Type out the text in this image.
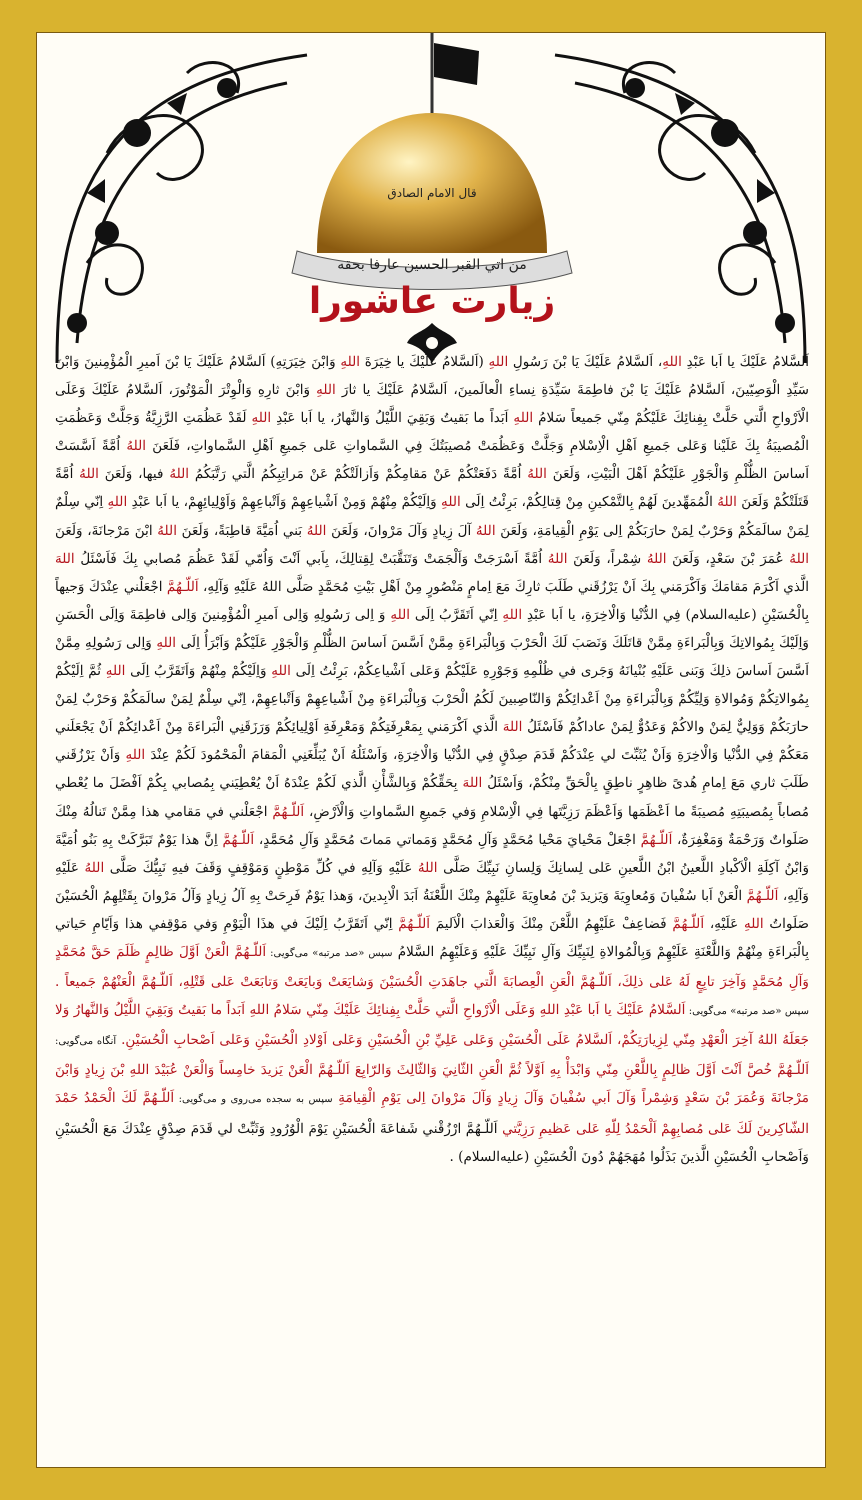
قال الامام الصادق
من اتي القبر الحسين عارفا بحقه
زيارت عاشورا
اَلسَّلامُ عَلَيْكَ يا اَبا عَبْدِ اللهِ، اَلسَّلامُ عَلَيْكَ يَا بْنَ رَسُولِ اللهِ (اَلسَّلامُ عَلَيْكَ يا خِيَرَةَ اللهِ وَابْنَ خِيَرَتِهِ) اَلسَّلامُ عَلَيْكَ يَا بْنَ اَميرِ الْمُؤْمِنينَ وَابْنَ سَيِّدِ الْوَصِيّينَ، اَلسَّلامُ عَلَيْكَ يَا بْنَ فاطِمَةَ سَيِّدَةِ نِساءِ الْعالَمينَ، اَلسَّلامُ عَلَيْكَ يا ثارَ اللهِ وَابْنَ ثارِهِ وَالْوِتْرَ الْمَوْتُورَ، اَلسَّلامُ عَلَيْكَ وَعَلَى الْاَرْواحِ الَّتي حَلَّتْ بِفِنائِكَ عَلَيْكُمْ مِنّي جَميعاً سَلامُ اللهِ اَبَداً ما بَقيتُ وَبَقِيَ اللَّيْلُ وَالنَّهارُ، يا اَبا عَبْدِ اللهِ لَقَدْ عَظُمَتِ الرَّزِيَّةُ وَجَلَّتْ وَعَظُمَتِ الْمُصيبَةُ بِكَ عَلَيْنا وَعَلى جَميعِ اَهْلِ الْاِسْلامِ وَجَلَّتْ وَعَظُمَتْ مُصيبَتُكَ فِي السَّماواتِ عَلى جَميعِ اَهْلِ السَّماواتِ، فَلَعَنَ اللهُ اُمَّةً اَسَّسَتْ اَساسَ الظُّلْمِ وَالْجَوْرِ عَلَيْكُمْ اَهْلَ الْبَيْتِ، وَلَعَنَ اللهُ اُمَّةً دَفَعَتْكُمْ عَنْ مَقامِكُمْ وَاَزالَتْكُمْ عَنْ مَراتِبِكُمُ الَّتي رَتَّبَكُمُ اللهُ فيها، وَلَعَنَ اللهُ اُمَّةً قَتَلَتْكُمْ وَلَعَنَ اللهُ الْمُمَهِّدينَ لَهُمْ بِالتَّمْكينِ مِنْ قِتالِكُمْ، بَرِئْتُ اِلَى اللهِ وَاِلَيْكُمْ مِنْهُمْ وَمِنْ اَشْياعِهِمْ وَاَتْباعِهِمْ وَاَوْلِيائِهِمْ، يا اَبا عَبْدِ اللهِ اِنّي سِلْمٌ لِمَنْ سالَمَكُمْ وَحَرْبٌ لِمَنْ حارَبَكُمْ اِلى يَوْمِ الْقِيامَةِ، وَلَعَنَ اللهُ آلَ زِيادٍ وَآلَ مَرْوانَ، وَلَعَنَ اللهُ بَني اُمَيَّةَ قاطِبَةً، وَلَعَنَ اللهُ ابْنَ مَرْجانَةَ، وَلَعَنَ اللهُ عُمَرَ بْنَ سَعْدٍ، وَلَعَنَ اللهُ شِمْراً، وَلَعَنَ اللهُ اُمَّةً اَسْرَجَتْ وَاَلْجَمَتْ وَتَنَقَّبَتْ لِقِتالِكَ، بِاَبي اَنْتَ وَاُمّي لَقَدْ عَظُمَ مُصابي بِكَ فَاَسْئَلُ اللهَ الَّذي اَكْرَمَ مَقامَكَ وَاَكْرَمَني بِكَ اَنْ يَرْزُقَني طَلَبَ ثارِكَ مَعَ اِمامٍ مَنْصُورٍ مِنْ اَهْلِ بَيْتِ مُحَمَّدٍ صَلَّى اللهُ عَلَيْهِ وَآلِهِ، اَللّـهُمَّ اجْعَلْني عِنْدَكَ وَجيهاً بِالْحُسَيْنِ (عليه‌السلام) فِي الدُّنْيا وَالْاخِرَةِ، يا اَبا عَبْدِ اللهِ اِنّي اَتَقَرَّبُ اِلَى اللهِ وَ اِلى رَسُولِهِ وَاِلى اَميرِ الْمُؤْمِنينَ وَاِلى فاطِمَةَ وَاِلَى الْحَسَنِ وَاِلَيْكَ بِمُوالاتِكَ وَبِالْبَراءَةِ مِمَّنْ قاتَلَكَ وَنَصَبَ لَكَ الْحَرْبَ وَبِالْبَراءَةِ مِمَّنْ اَسَّسَ اَساسَ الظُّلْمِ وَالْجَوْرِ عَلَيْكُمْ وَاَبْرَأُ اِلَى اللهِ وَاِلى رَسُولِهِ مِمَّنْ اَسَّسَ اَساسَ ذلِكَ وَبَنى عَلَيْهِ بُنْيانَهُ وَجَرى في ظُلْمِهِ وَجَوْرِهِ عَلَيْكُمْ وَعَلى اَشْياعِكُمْ، بَرِئْتُ اِلَى اللهِ وَاِلَيْكُمْ مِنْهُمْ وَاَتَقَرَّبُ اِلَى اللهِ ثُمَّ اِلَيْكُمْ بِمُوالاتِكُمْ وَمُوالاةِ وَلِيِّكُمْ وَبِالْبَراءَةِ مِنْ اَعْدائِكُمْ وَالنّاصِبينَ لَكُمُ الْحَرْبَ وَبِالْبَراءَةِ مِنْ اَشْياعِهِمْ وَاَتْباعِهِمْ، اِنّي سِلْمٌ لِمَنْ سالَمَكُمْ وَحَرْبٌ لِمَنْ حارَبَكُمْ وَوَلِيٌّ لِمَنْ والاكُمْ وَعَدُوٌّ لِمَنْ عاداكُمْ فَاَسْئَلُ اللهَ الَّذي اَكْرَمَني بِمَعْرِفَتِكُمْ وَمَعْرِفَةِ اَوْلِيائِكُمْ وَرَزَقَنِي الْبَراءَةَ مِنْ اَعْدائِكُمْ اَنْ يَجْعَلَني مَعَكُمْ فِي الدُّنْيا وَالْاخِرَةِ وَاَنْ يُثَبِّتَ لي عِنْدَكُمْ قَدَمَ صِدْقٍ فِي الدُّنْيا وَالْاخِرَةِ، وَاَسْئَلُهُ اَنْ يُبَلِّغَنِي الْمَقامَ الْمَحْمُودَ لَكُمْ عِنْدَ اللهِ وَاَنْ يَرْزُقَني طَلَبَ ثاري مَعَ اِمامِ هُدىً ظاهِرٍ ناطِقٍ بِالْحَقِّ مِنْكُمْ، وَاَسْئَلُ اللهَ بِحَقِّكُمْ وَبِالشَّأْنِ الَّذي لَكُمْ عِنْدَهُ اَنْ يُعْطِيَني بِمُصابي بِكُمْ اَفْضَلَ ما يُعْطي مُصاباً بِمُصيبَتِهِ مُصيبَةً ما اَعْظَمَها وَاَعْظَمَ رَزِيَّتَها فِي الْاِسْلامِ وَفي جَميعِ السَّماواتِ وَالْاَرْضِ، اَللّـهُمَّ اجْعَلْني في مَقامي هذا مِمَّنْ تَنالُهُ مِنْكَ صَلَواتٌ وَرَحْمَةٌ وَمَغْفِرَةٌ، اَللّـهُمَّ اجْعَلْ مَحْيايَ مَحْيا مُحَمَّدٍ وَآلِ مُحَمَّدٍ وَمَماتي مَماتَ مُحَمَّدٍ وَآلِ مُحَمَّدٍ، اَللّـهُمَّ اِنَّ هذا يَوْمٌ تَبَرَّكَتْ بِهِ بَنُو اُمَيَّةَ وَابْنُ آكِلَةِ الْاَكْبادِ اللَّعينُ ابْنُ اللَّعينِ عَلى لِسانِكَ وَلِسانِ نَبِيِّكَ صَلَّى اللهُ عَلَيْهِ وَآلِهِ في كُلِّ مَوْطِنٍ وَمَوْقِفٍ وَقَفَ فيهِ نَبِيُّكَ صَلَّى اللهُ عَلَيْهِ وَآلِهِ، اَللّـهُمَّ الْعَنْ اَبا سُفْيانَ وَمُعاوِيَةَ وَيَزيدَ بْنَ مُعاوِيَةَ عَلَيْهِمْ مِنْكَ اللَّعْنَةُ اَبَدَ الْابِدينَ، وَهذا يَوْمٌ فَرِحَتْ بِهِ آلُ زِيادٍ وَآلُ مَرْوانَ بِقَتْلِهِمُ الْحُسَيْنَ صَلَواتُ اللهِ عَلَيْهِ، اَللّـهُمَّ فَضاعِفْ عَلَيْهِمُ اللَّعْنَ مِنْكَ وَالْعَذابَ الْاَليمَ اَللّـهُمَّ اِنّي اَتَقَرَّبُ اِلَيْكَ في هذَا الْيَوْمِ وَفي مَوْقِفي هذا وَاَيّامِ حَياتي بِالْبَراءَةِ مِنْهُمْ وَاللَّعْنَةِ عَلَيْهِمْ وَبِالْمُوالاةِ لِنَبِيِّكَ وَآلِ نَبِيِّكَ عَلَيْهِ وَعَلَيْهِمُ السَّلامُ سپس «صد مرتبه» مى‌گويى: اَللّـهُمَّ الْعَنْ اَوَّلَ ظالِمٍ ظَلَمَ حَقَّ مُحَمَّدٍ وَآلِ مُحَمَّدٍ وَآخِرَ تابِعٍ لَهُ عَلى ذلِكَ، اَللّـهُمَّ الْعَنِ الْعِصابَةَ الَّتي جاهَدَتِ الْحُسَيْنَ وَشايَعَتْ وَبايَعَتْ وَتابَعَتْ عَلى قَتْلِهِ، اَللّـهُمَّ الْعَنْهُمْ جَميعاً . سپس «صد مرتبه» مى‌گويى: اَلسَّلامُ عَلَيْكَ يا اَبا عَبْدِ اللهِ وَعَلَى الْاَرْواحِ الَّتي حَلَّتْ بِفِنائِكَ عَلَيْكَ مِنّي سَلامُ اللهِ اَبَداً ما بَقيتُ وَبَقِيَ اللَّيْلُ وَالنَّهارُ وَلا جَعَلَهُ اللهُ آخِرَ الْعَهْدِ مِنّي لِزِيارَتِكُمْ، اَلسَّلامُ عَلَى الْحُسَيْنِ وَعَلى عَلِيِّ بْنِ الْحُسَيْنِ وَعَلى اَوْلادِ الْحُسَيْنِ وَعَلى اَصْحابِ الْحُسَيْنِ. آنگاه مى‌گويى: اَللّـهُمَّ خُصَّ اَنْتَ اَوَّلَ ظالِمٍ بِاللَّعْنِ مِنّي وَابْدَأْ بِهِ اَوَّلاً ثُمَّ الْعَنِ الثّانِيَ وَالثّالِثَ وَالرّابِعَ اَللّـهُمَّ الْعَنْ يَزيدَ خامِساً وَالْعَنْ عُبَيْدَ اللهِ بْنَ زِيادٍ وَابْنَ مَرْجانَةَ وَعُمَرَ بْنَ سَعْدٍ وَشِمْراً وَآلَ اَبي سُفْيانَ وَآلَ زِيادٍ وَآلَ مَرْوانَ اِلى يَوْمِ الْقِيامَةِ سپس به سجده مى‌روى و مى‌گويى: اَللّـهُمَّ لَكَ الْحَمْدُ حَمْدَ الشّاكِرينَ لَكَ عَلى مُصابِهِمْ اَلْحَمْدُ لِلّهِ عَلى عَظيمِ رَزِيَّتي اَللّـهُمَّ ارْزُقْني شَفاعَةَ الْحُسَيْنِ يَوْمَ الْوُرُودِ وَثَبِّتْ لي قَدَمَ صِدْقٍ عِنْدَكَ مَعَ الْحُسَيْنِ وَاَصْحابِ الْحُسَيْنِ الَّذينَ بَذَلُوا مُهَجَهُمْ دُونَ الْحُسَيْنِ (عليه‌السلام) .
